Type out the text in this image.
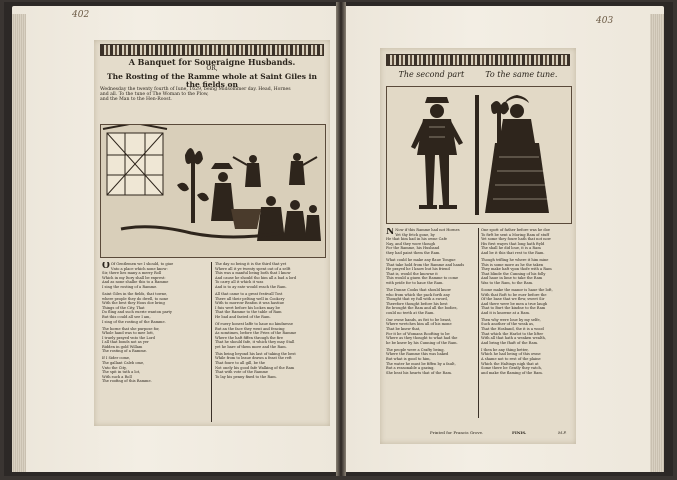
402
A Banquet for Soueraigne Husbands.
OR,
The Rosting of the Ramme whole at Saint Giles in the fields on
Wednesday the twenty fourth of Iune, 1629, being Midsommer day. Head, Hornes
and all. To the tune of The Woman to the Plow,
and the Man to the Hen-Roost.

O Of Gentlemen we I should, to giue
Vnto a place which none know:
Sir, there lies many a merry Roll
Which in my ltory shall be exprest:
And as none shalbe this to a Ramme
I sing the rosting of a Ramme.

Saint Giles in the fields, that towne,
where people they do dwell, to none
With the best they Hous doe bring
Things of the City, That
Do fling and such euerie wanton party
But this could all see I am,
I sing of the rosting of the Ramme.

The horne that she purpose for,
Whole hand was to mee lott,
I truely prayed vnto the Lord
I all that bonds not as yer
Ridden in gold Willam
The rosting of a Ramme.

If I Sider come,
The gallant Caleb ome,
Vnto the City,
The spit in tuth a lot,
With such a Roll
The roofing of this Ramme.

The day so being it is the third that yet
Where all it ye twenty spent out of a selft
This was a manful being both that I know
And cause he should tho him all a bad a lord
To carry all it which it was
And is to ay eate would reach the Ram.

All that came to a great festivall Tost
There all their pelting well in Cookcry
With to morrow Reafon it was hastiue
I fuis wert before his lockes may be
That the Ramme to the table of Ram
He bad and fasted of the Ram.

Of euery honest laffe to haue no kindnesse
But an the face they went and fencing
As somtimes, before the Fries of the Ramme
Where the haft fiffen through the fire
That he should fafe, it which they may Stall
yet he bare of them more and the Ram.

This being beyond his last of taking the best
While from to leaue drawn a feast the reft
That foure to all gill, be the
Not onely his good fafe Walking of the Ram
That with vote of the Ramme
To lay his penny fixed to the Ram.

403
The second part	To the same tune.

N Now if this Ramme had not Hornes
Yet thy fetch gone, by
He that him had in his owne Cafe
Nay, and they wore though
For the Ramme, his Husband
they had paint them the Ram.

What could he make any flaue Tongue
That take hold from the Ramme and hands
He prayed he I know but his friend
That is, would the knowne it
This would a giuen the Ramme to come
with pride for to haue the Ram.

The Dunne Cooks that should know
who from which the pack forth any
Thought that ey full with a sword,
Therefore thought before his best
Be brought the Ram and all the bodies,
could no teeth at the Ram.

Our owne hands, as fist to be beast,
Where wretches him all of his mone
That be knew that,
For it be of Womans Roofting to be
Where as they thought to what had the
he be knew by his Cunning of the Ram.

The people were a Crafty being,
Where the Ramme this was baked
But what is good to him,
The water he must be fiffen by a fault,
But a reasonable a gazing,
She beat his hearts that of the Ram.

One spott of father before was he doe
To firft be sent a Moring Ram of stuff
Yet some they foure hath that not now
His first wayes that long hath ftyld
The shall he did loue, it is a Ram
And be it this that rest to the Ram.

Though trifling he where it him mine
This is some more as he the taken
They make haft vpon thofe with a Ram
That blinde the Cunning of his folly
And haue in lime to take the Ram
Was to the Ram, to the Ram.

Soone make the manor is haue the loft,
With that Roft to be euer before the
Of the base that we flew, sweet Sir
And there were be men a true laugh
That to Burt the kindne to the Ram
And it is knowne at a Ram.

Then why were loue by my selfe,
Such another of the weak as,
That the Hosband, the it is a wood
That which the Harlot to the lifter
With all that hath a weaken wealth,
And bring the fhaft of the Ram.

I then be any thing better,
Which he had being of this owne
A shame not to rest of the plaine
Which the Haltings nigh that at
Some there be Gently they vatch,
and make the flaming of the Ram.

Printed for Francis Grove.	FINIS.	M.P.
